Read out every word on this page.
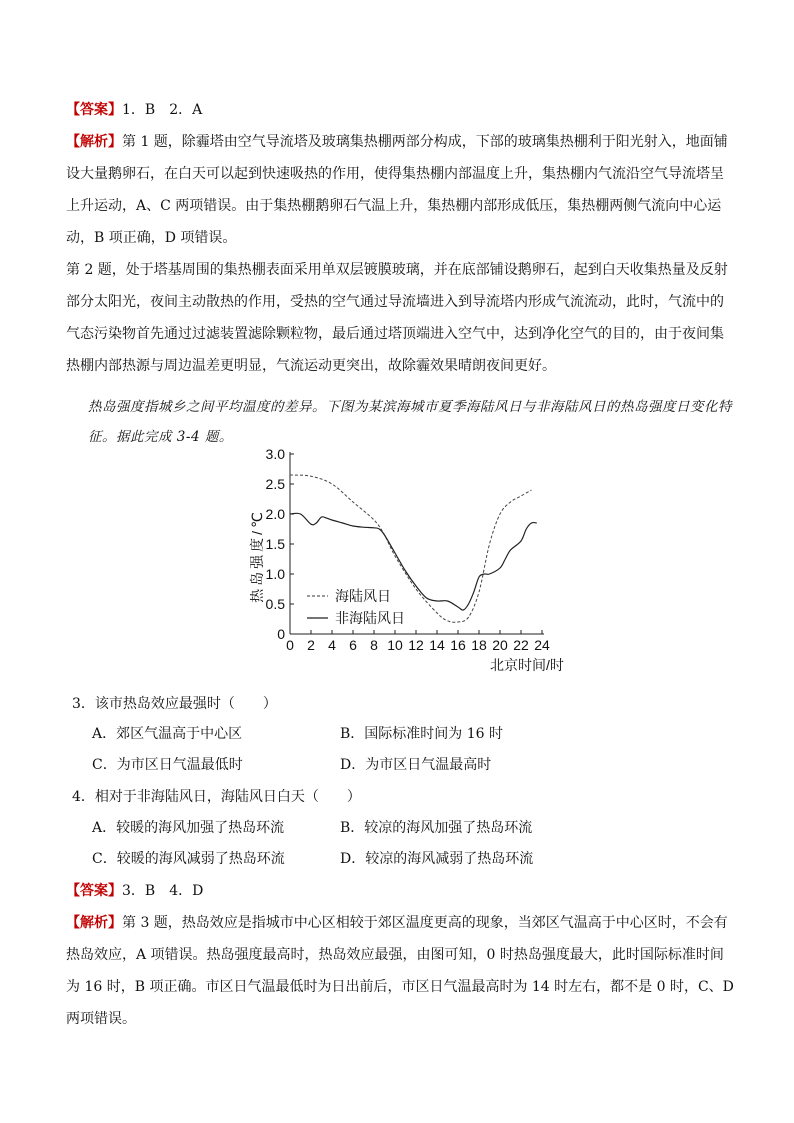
【答案】1．B　2．A

【解析】第 1 题，除霾塔由空气导流塔及玻璃集热棚两部分构成，下部的玻璃集热棚利于阳光射入，地面铺设大量鹅卵石，在白天可以起到快速吸热的作用，使得集热棚内部温度上升，集热棚内气流沿空气导流塔呈上升运动，A、C 两项错误。由于集热棚鹅卵石气温上升，集热棚内部形成低压，集热棚两侧气流向中心运动，B 项正确，D 项错误。

第 2 题，处于塔基周围的集热棚表面采用单双层镀膜玻璃，并在底部铺设鹅卵石，起到白天收集热量及反射部分太阳光，夜间主动散热的作用，受热的空气通过导流墙进入到导流塔内形成气流流动，此时，气流中的气态污染物首先通过过滤装置滤除颗粒物，最后通过塔顶端进入空气中，达到净化空气的目的，由于夜间集热棚内部热源与周边温差更明显，气流运动更突出，故除霾效果晴朗夜间更好。

热岛强度指城乡之间平均温度的差异。下图为某滨海城市夏季海陆风日与非海陆风日的热岛强度日变化特征。据此完成 3-4 题。

0
0.5
1.0
1.5
2.0
2.5
3.0
0 2 4 6 8 10 12 14 16 18 20 22 24
热岛强度/℃
北京时间/时
海陆风日
非海陆风日
3．该市热岛效应最强时（　　）
A．郊区气温高于中心区	B．国际标准时间为 16 时
C．为市区日气温最低时	D．为市区日气温最高时
4．相对于非海陆风日，海陆风日白天（　　）
A．较暖的海风加强了热岛环流	B．较凉的海风加强了热岛环流
C．较暖的海风减弱了热岛环流	D．较凉的海风减弱了热岛环流

【答案】3．B　4．D

【解析】第 3 题，热岛效应是指城市中心区相较于郊区温度更高的现象，当郊区气温高于中心区时，不会有热岛效应，A 项错误。热岛强度最高时，热岛效应最强，由图可知，0 时热岛强度最大，此时国际标准时间为 16 时，B 项正确。市区日气温最低时为日出前后，市区日气温最高时为 14 时左右，都不是 0 时，C、D 两项错误。
